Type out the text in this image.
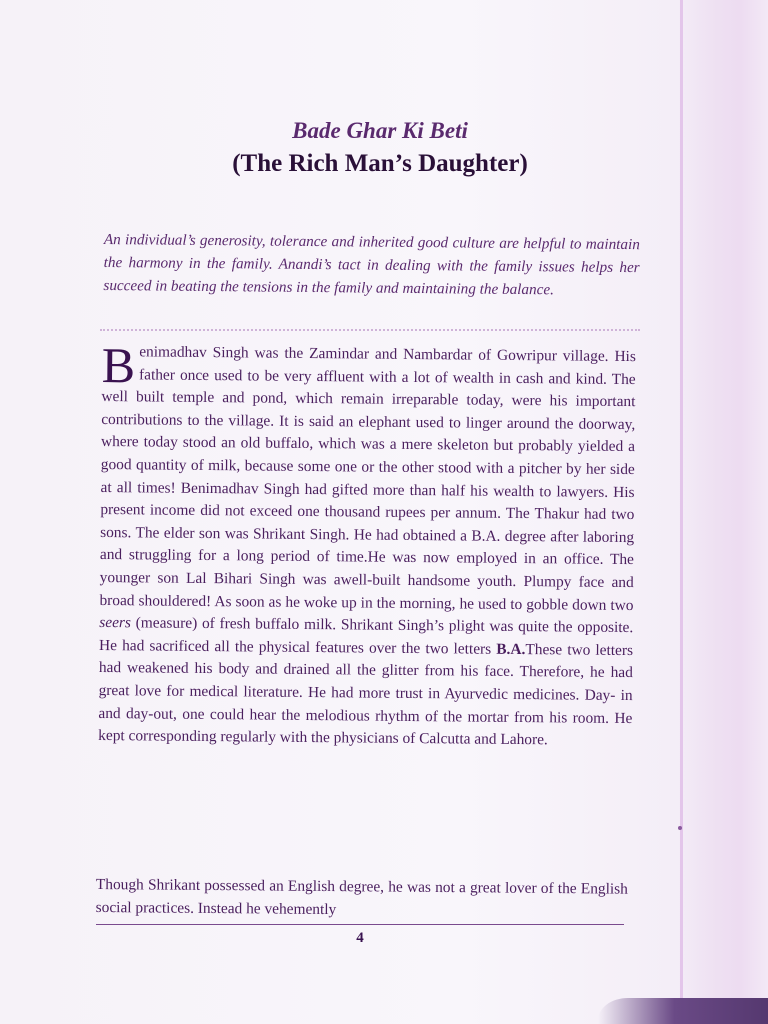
Bade Ghar Ki Beti
(The Rich Man’s Daughter)

An individual’s generosity, tolerance and inherited good culture are helpful to maintain the harmony in the family. Anandi’s tact in dealing with the family issues helps her succeed in beating the tensions in the family and maintaining the balance.

Benimadhav Singh was the Zamindar and Nambardar of Gowripur village. His father once used to be very affluent with a lot of wealth in cash and kind. The well built temple and pond, which remain irreparable today, were his important contributions to the village. It is said an elephant used to linger around the doorway, where today stood an old buffalo, which was a mere skeleton but probably yielded a good quantity of milk, because some one or the other stood with a pitcher by her side at all times! Benimadhav Singh had gifted more than half his wealth to lawyers. His present income did not exceed one thousand rupees per annum. The Thakur had two sons. The elder son was Shrikant Singh. He had obtained a B.A. degree after laboring and struggling for a long period of time.He was now employed in an office. The younger son Lal Bihari Singh was awell-built handsome youth. Plumpy face and broad shouldered! As soon as he woke up in the morning, he used to gobble down two seers (measure) of fresh buffalo milk. Shrikant Singh’s plight was quite the opposite. He had sacrificed all the physical features over the two letters B.A.These two letters had weakened his body and drained all the glitter from his face. Therefore, he had great love for medical literature. He had more trust in Ayurvedic medicines. Day- in and day-out, one could hear the melodious rhythm of the mortar from his room. He kept corresponding regularly with the physicians of Calcutta and Lahore.

Though Shrikant possessed an English degree, he was not a great lover of the English social practices. Instead he vehemently

4
